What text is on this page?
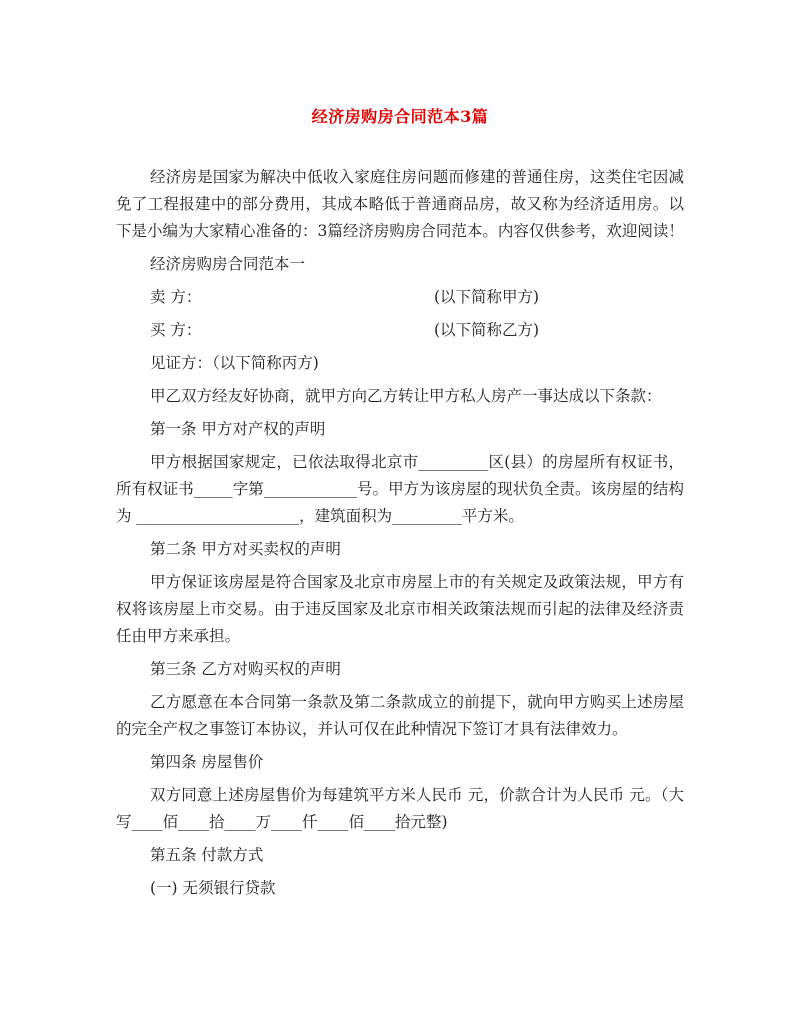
经济房购房合同范本3篇

经济房是国家为解决中低收入家庭住房问题而修建的普通住房，这类住宅因减免了工程报建中的部分费用，其成本略低于普通商品房，故又称为经济适用房。以下是小编为大家精心准备的：3篇经济房购房合同范本。内容仅供参考，欢迎阅读！

经济房购房合同范本一
卖 方：	(以下简称甲方)
买 方：	(以下简称乙方)
见证方：（以下简称丙方)
甲乙双方经友好协商，就甲方向乙方转让甲方私人房产一事达成以下条款：
第一条 甲方对产权的声明

甲方根据国家规定，已依法取得北京市_________区(县）的房屋所有权证书，所有权证书_____字第____________号。甲方为该房屋的现状负全责。该房屋的结构为 _____________________，建筑面积为_________平方米。

第二条 甲方对买卖权的声明

甲方保证该房屋是符合国家及北京市房屋上市的有关规定及政策法规，甲方有权将该房屋上市交易。由于违反国家及北京市相关政策法规而引起的法律及经济责任由甲方来承担。

第三条 乙方对购买权的声明

乙方愿意在本合同第一条款及第二条款成立的前提下，就向甲方购买上述房屋的完全产权之事签订本协议，并认可仅在此种情况下签订才具有法律效力。

第四条 房屋售价

双方同意上述房屋售价为每建筑平方米人民币 元，价款合计为人民币 元。（大写____佰____拾____万____仟____佰____拾元整)

第五条 付款方式
(一) 无须银行贷款
